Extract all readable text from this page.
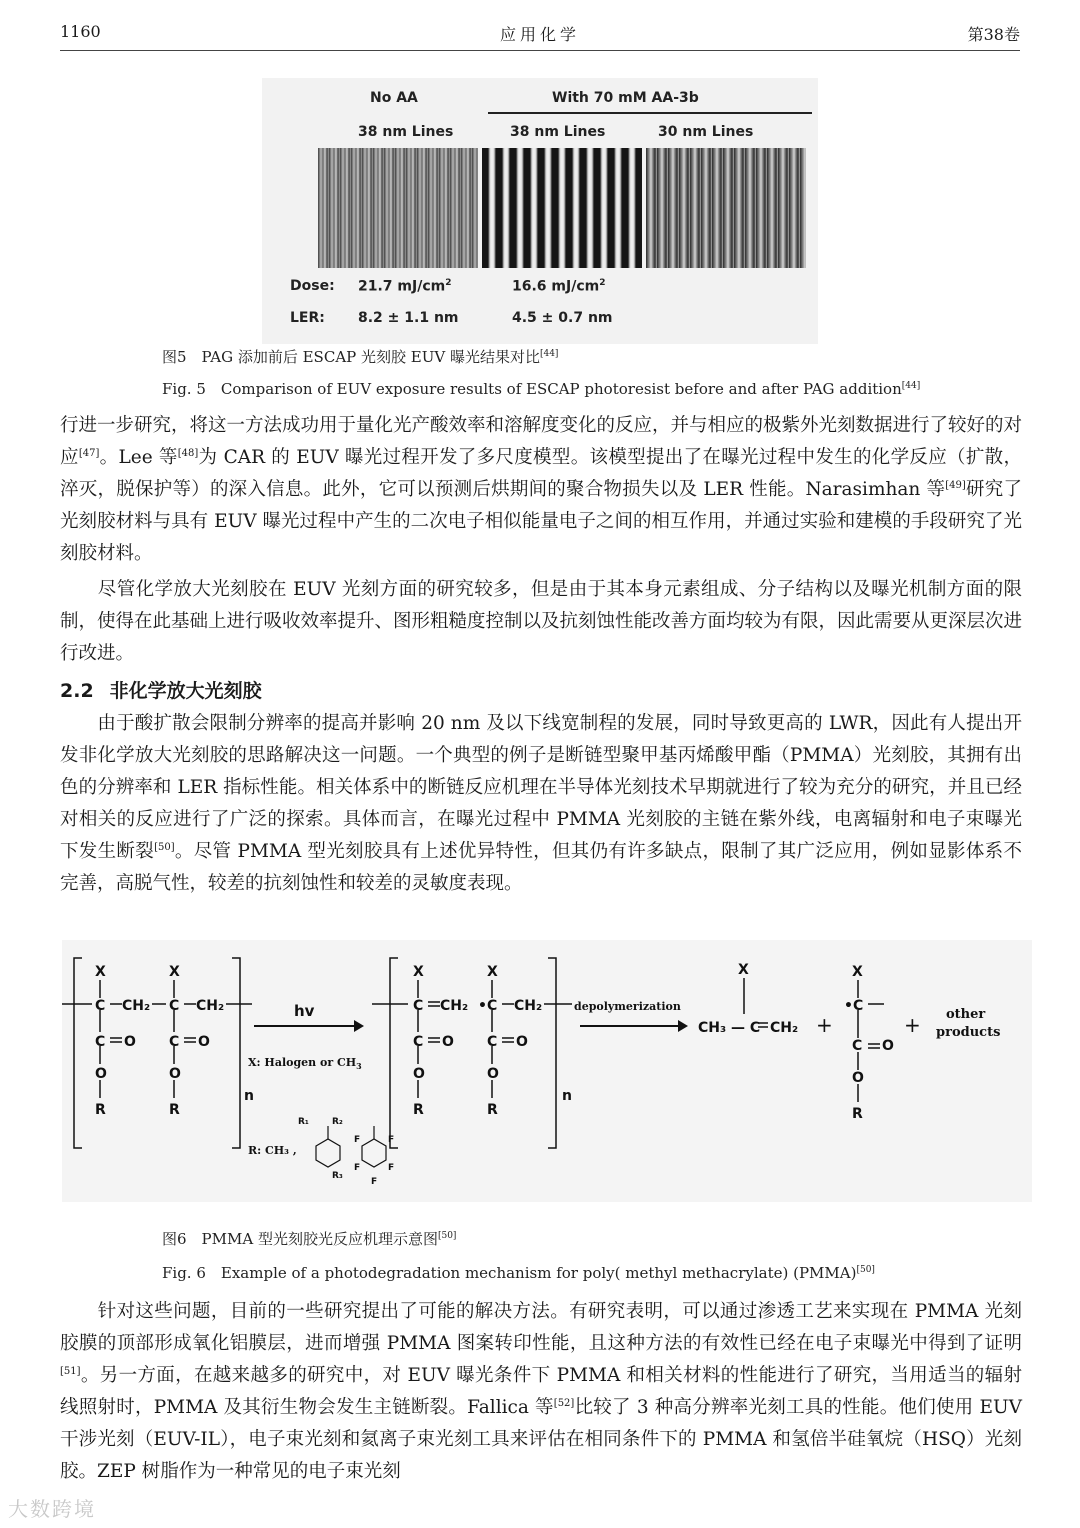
1160	应用化学	第38卷
No AA	With 70 mM AA-3b
38 nm Lines	38 nm Lines	30 nm Lines
Dose: 21.7 $mJ/cm^2$	16.6 $mJ/cm^2$
LER: 8.2 ± 1.1 nm	4.5 ± 0.7 nm
图5　PAG 添加前后 ESCAP 光刻胶 EUV 曝光结果对比[44]
Fig. 5　Comparison of EUV exposure results of ESCAP photoresist before and after PAG addition[44]
行进一步研究，将这一方法成功用于量化光产酸效率和溶解度变化的反应，并与相应的极紫外光刻数据进行了较好的对应[47]。Lee 等[48]为 CAR 的 EUV 曝光过程开发了多尺度模型。该模型提出了在曝光过程中发生的化学反应（扩散，淬灭，脱保护等）的深入信息。此外，它可以预测后烘期间的聚合物损失以及 LER 性能。Narasimhan 等[49]研究了光刻胶材料与具有 EUV 曝光过程中产生的二次电子相似能量电子之间的相互作用，并通过实验和建模的手段研究了光刻胶材料。
　　尽管化学放大光刻胶在 EUV 光刻方面的研究较多，但是由于其本身元素组成、分子结构以及曝光机制方面的限制，使得在此基础上进行吸收效率提升、图形粗糙度控制以及抗刻蚀性能改善方面均较为有限，因此需要从更深层次进行改进。
2.2 非化学放大光刻胶
　　由于酸扩散会限制分辨率的提高并影响 20 nm 及以下线宽制程的发展，同时导致更高的 LWR，因此有人提出开发非化学放大光刻胶的思路解决这一问题。一个典型的例子是断链型聚甲基丙烯酸甲酯（PMMA）光刻胶，其拥有出色的分辨率和 LER 指标性能。相关体系中的断链反应机理在半导体光刻技术早期就进行了较为充分的研究，并且已经对相关的反应进行了广泛的探索。具体而言，在曝光过程中 PMMA 光刻胶的主链在紫外线，电离辐射和电子束曝光下发生断裂[50]。尽管 PMMA 型光刻胶具有上述优异特性，但其仍有许多缺点，限制了其广泛应用，例如显影体系不完善，高脱气性，较差的抗刻蚀性和较差的灵敏度表现。
X	X
C	C
CH₂	CH₂
C O C O
O	O
R	R
n
hv
X: Halogen or $CH_3$
X	X
C CH₂ •C CH₂
C O C O
O	O
R	R
n
depolymerization
X
CH₃ — C CH₂ +
X
•C
C O
O
R
+ other
products
R: CH₃ ,
R₁	R₂
R₃
F	F
F	F
F
图6　PMMA 型光刻胶光反应机理示意图[50]
Fig. 6　Example of a photodegradation mechanism for poly( methyl methacrylate) (PMMA)[50]
　　针对这些问题，目前的一些研究提出了可能的解决方法。有研究表明，可以通过渗透工艺来实现在 PMMA 光刻胶膜的顶部形成氧化铝膜层，进而增强 PMMA 图案转印性能，且这种方法的有效性已经在电子束曝光中得到了证明[51]。另一方面，在越来越多的研究中，对 EUV 曝光条件下 PMMA 和相关材料的性能进行了研究，当用适当的辐射线照射时，PMMA 及其衍生物会发生主链断裂。Fallica 等[52]比较了 3 种高分辨率光刻工具的性能。他们使用 EUV 干涉光刻（EUV-IL），电子束光刻和氦离子束光刻工具来评估在相同条件下的 PMMA 和氢倍半硅氧烷（HSQ）光刻胶。ZEP 树脂作为一种常见的电子束光刻
大数跨境
